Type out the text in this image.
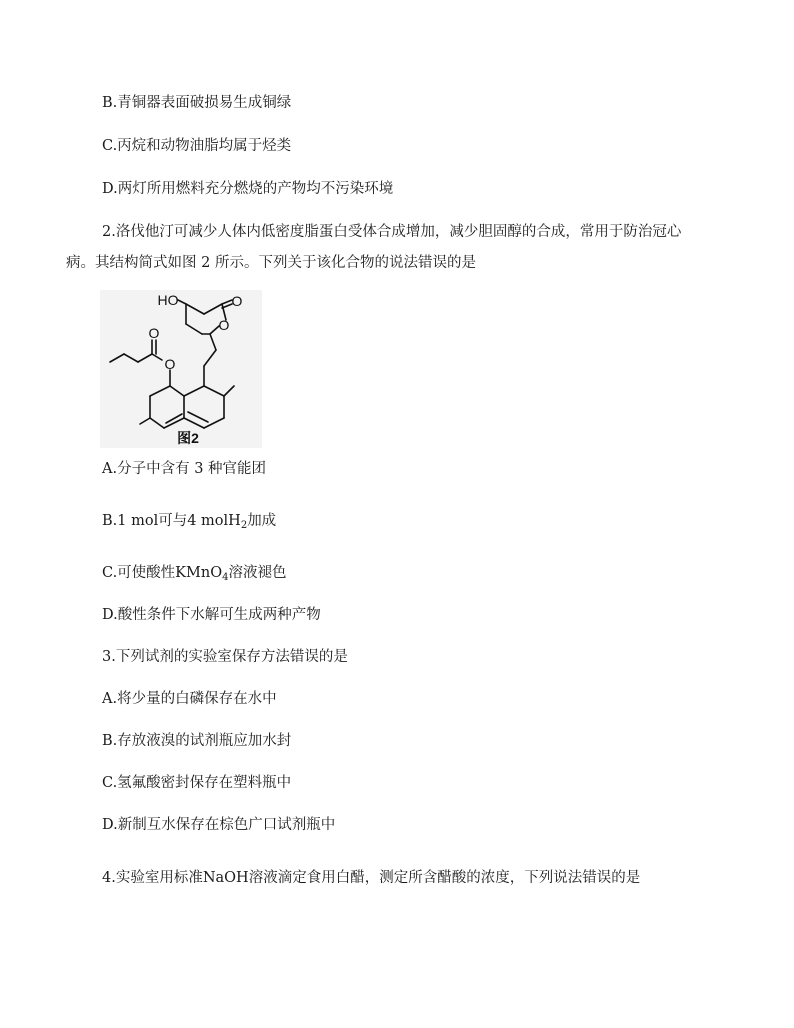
B.青铜器表面破损易生成铜绿
C.丙烷和动物油脂均属于烃类
D.两灯所用燃料充分燃烧的产物均不污染环境
2.洛伐他汀可减少人体内低密度脂蛋白受体合成增加，减少胆固醇的合成，常用于防治冠心
病。其结构简式如图 2 所示。下列关于该化合物的说法错误的是
HO	O
O
O
O
图2
A.分子中含有 3 种官能团
B.1 mol可与4 molH$_2$加成
C.可使酸性KMnO$_4$溶液褪色
D.酸性条件下水解可生成两种产物
3.下列试剂的实验室保存方法错误的是
A.将少量的白磷保存在水中
B.存放液溴的试剂瓶应加水封
C.氢氟酸密封保存在塑料瓶中
D.新制互水保存在棕色广口试剂瓶中
4.实验室用标准NaOH溶液滴定食用白醋，测定所含醋酸的浓度，下列说法错误的是
